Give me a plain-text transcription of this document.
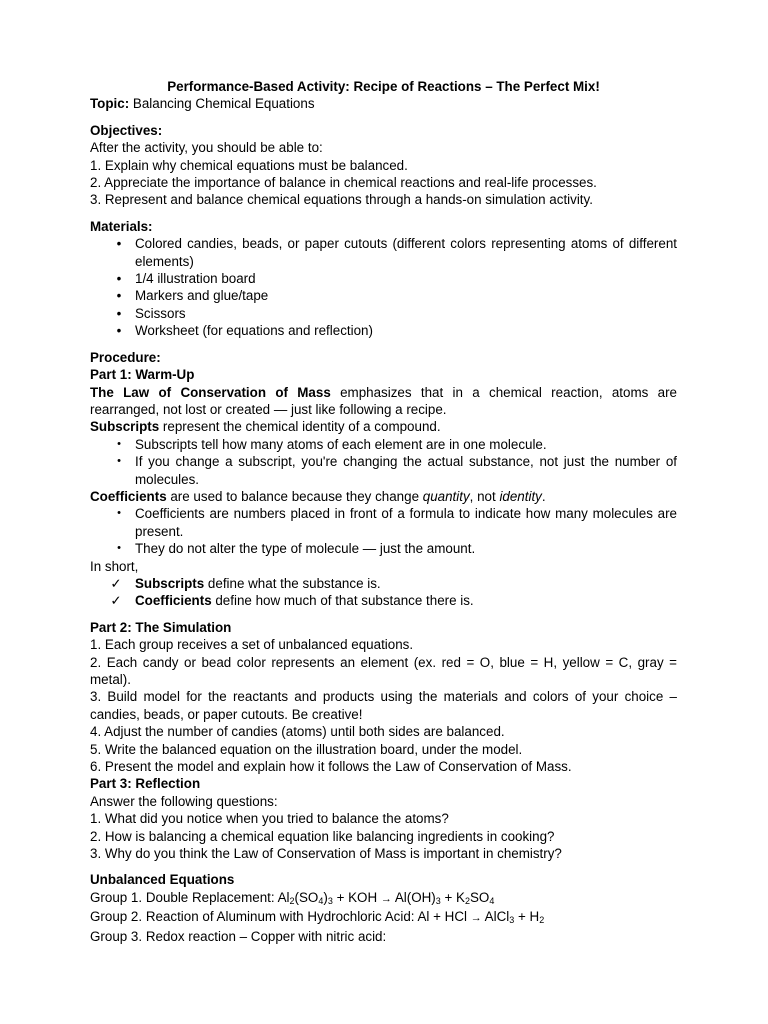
Performance-Based Activity: Recipe of Reactions – The Perfect Mix!

Topic: Balancing Chemical Equations

Objectives:

After the activity, you should be able to:

1. Explain why chemical equations must be balanced.

2. Appreciate the importance of balance in chemical reactions and real-life processes.

3. Represent and balance chemical equations through a hands-on simulation activity.

Materials:

•	Colored candies, beads, or paper cutouts (different colors representing atoms of different elements)
•	1/4 illustration board
•	Markers and glue/tape
•	Scissors
•	Worksheet (for equations and reflection)

Procedure:

Part 1: Warm-Up

The Law of Conservation of Mass emphasizes that in a chemical reaction, atoms are rearranged, not lost or created — just like following a recipe.

Subscripts represent the chemical identity of a compound.

•	Subscripts tell how many atoms of each element are in one molecule.
•	If you change a subscript, you're changing the actual substance, not just the number of molecules.

Coefficients are used to balance because they change quantity, not identity.

•	Coefficients are numbers placed in front of a formula to indicate how many molecules are present.
•	They do not alter the type of molecule — just the amount.

In short,

✓ Subscripts define what the substance is.
✓ Coefficients define how much of that substance there is.

Part 2: The Simulation

1. Each group receives a set of unbalanced equations.

2. Each candy or bead color represents an element (ex. red = O, blue = H, yellow = C, gray = metal).

3. Build model for the reactants and products using the materials and colors of your choice – candies, beads, or paper cutouts. Be creative!

4. Adjust the number of candies (atoms) until both sides are balanced.

5. Write the balanced equation on the illustration board, under the model.

6. Present the model and explain how it follows the Law of Conservation of Mass.

Part 3: Reflection

Answer the following questions:

1. What did you notice when you tried to balance the atoms?

2. How is balancing a chemical equation like balancing ingredients in cooking?

3. Why do you think the Law of Conservation of Mass is important in chemistry?

Unbalanced Equations

Group 1. Double Replacement: $Al_2(SO_4)_3$ + KOH → $Al(OH)_3 + K_2SO_4$

Group 2. Reaction of Aluminum with Hydrochloric Acid: Al + HCl → AlCl$_3$ + $H_2$

Group 3. Redox reaction – Copper with nitric acid:
